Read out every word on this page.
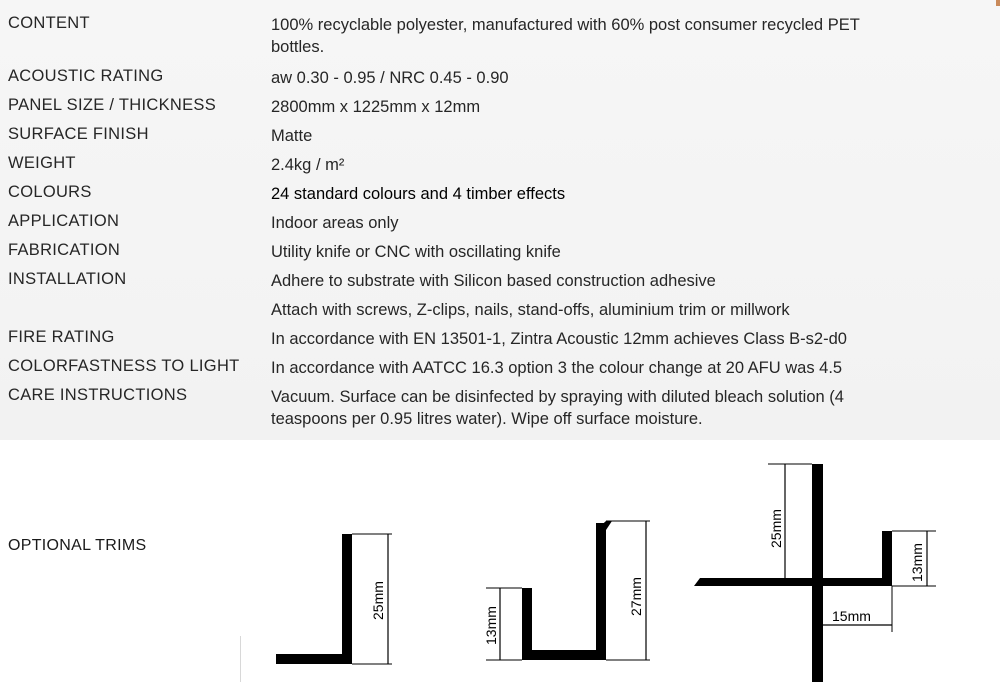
CONTENT	100% recyclable polyester, manufactured with 60% post consumer recycled PET bottles.
ACOUSTIC RATING	aw 0.30 - 0.95 / NRC 0.45 - 0.90
PANEL SIZE / THICKNESS	2800mm x 1225mm x 12mm
SURFACE FINISH	Matte
WEIGHT	2.4kg / m²
COLOURS	24 standard colours and 4 timber effects
APPLICATION	Indoor areas only
FABRICATION	Utility knife or CNC with oscillating knife
INSTALLATION	Adhere to substrate with Silicon based construction adhesive
Attach with screws, Z-clips, nails, stand-offs, aluminium trim or millwork
FIRE RATING	In accordance with EN 13501-1, Zintra Acoustic 12mm achieves Class B-s2-d0
COLORFASTNESS TO LIGHT In accordance with AATCC 16.3 option 3 the colour change at 20 AFU was 4.5
CARE INSTRUCTIONS	Vacuum. Surface can be disinfected by spraying with diluted bleach solution (4 teaspoons per 0.95 litres water). Wipe off surface moisture.
OPTIONAL TRIMS
25mm
13mm
27mm
25mm
13mm
15mm
